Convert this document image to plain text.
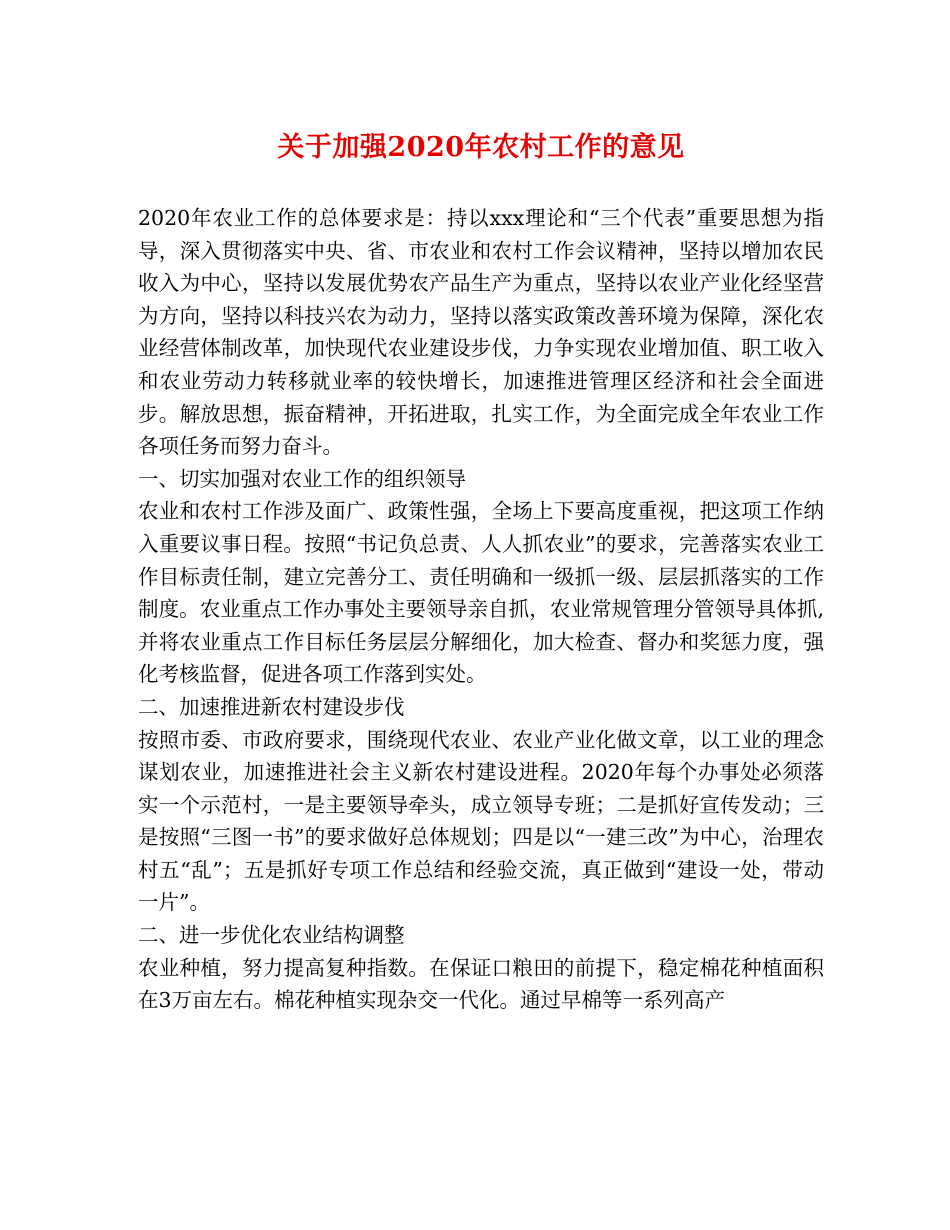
关于加强2020年农村工作的意见

2020年农业工作的总体要求是：持以xxx理论和“三个代表”重要思想为指导，深入贯彻落实中央、省、市农业和农村工作会议精神，坚持以增加农民收入为中心，坚持以发展优势农产品生产为重点，坚持以农业产业化经坚营为方向，坚持以科技兴农为动力，坚持以落实政策改善环境为保障，深化农业经营体制改革，加快现代农业建设步伐，力争实现农业增加值、职工收入和农业劳动力转移就业率的较快增长，加速推进管理区经济和社会全面进步。解放思想，振奋精神，开拓进取，扎实工作，为全面完成全年农业工作各项任务而努力奋斗。

一、切实加强对农业工作的组织领导

农业和农村工作涉及面广、政策性强，全场上下要高度重视，把这项工作纳入重要议事日程。按照“书记负总责、人人抓农业”的要求，完善落实农业工作目标责任制，建立完善分工、责任明确和一级抓一级、层层抓落实的工作制度。农业重点工作办事处主要领导亲自抓，农业常规管理分管领导具体抓,并将农业重点工作目标任务层层分解细化，加大检查、督办和奖惩力度，强化考核监督，促进各项工作落到实处。

二、加速推进新农村建设步伐

按照市委、市政府要求，围绕现代农业、农业产业化做文章，以工业的理念谋划农业，加速推进社会主义新农村建设进程。2020年每个办事处必须落实一个示范村，一是主要领导牵头，成立领导专班；二是抓好宣传发动；三是按照“三图一书”的要求做好总体规划；四是以“一建三改”为中心，治理农村五“乱”；五是抓好专项工作总结和经验交流，真正做到“建设一处，带动一片”。

二、进一步优化农业结构调整

农业种植，努力提高复种指数。在保证口粮田的前提下，稳定棉花种植面积在3万亩左右。棉花种植实现杂交一代化。通过早棉等一系列高产
